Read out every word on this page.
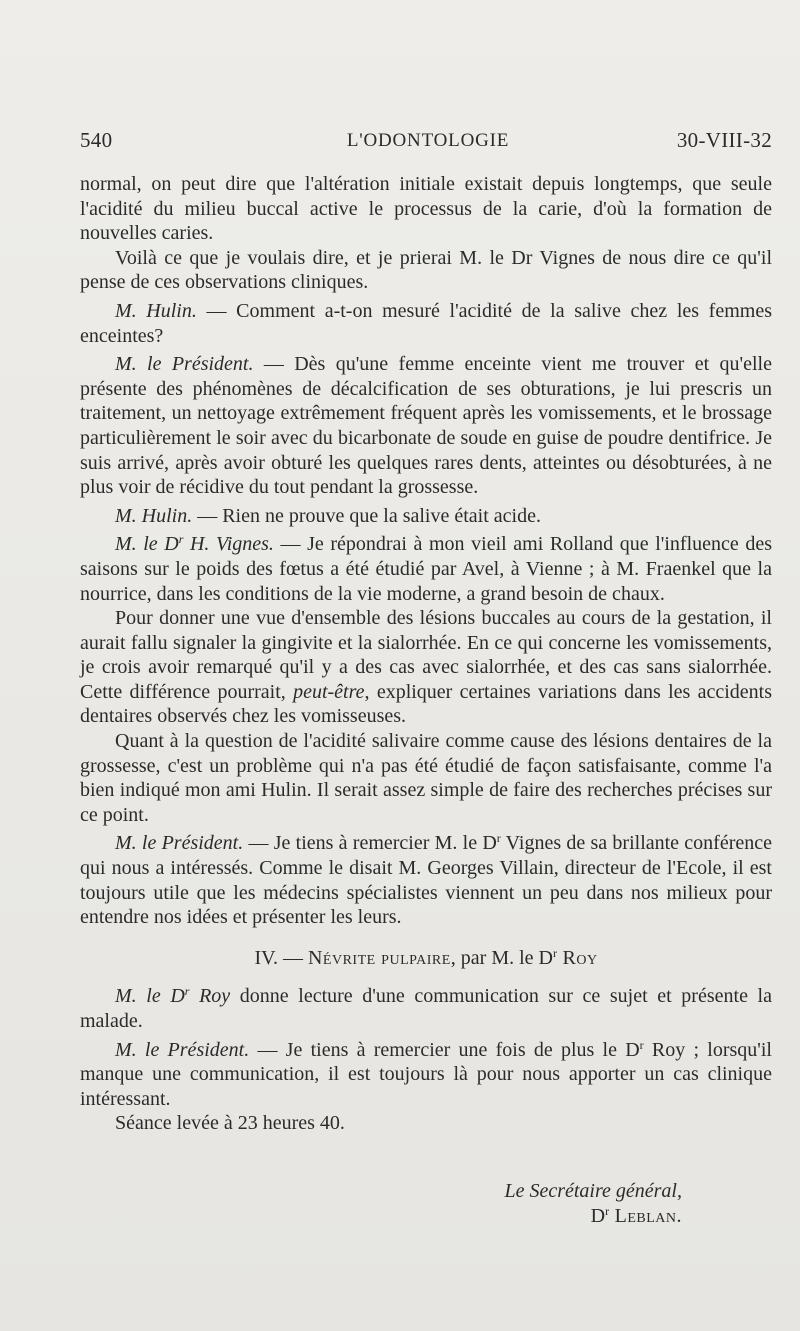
540	L'ODONTOLOGIE	30-VIII-32

normal, on peut dire que l'altération initiale existait depuis longtemps, que seule l'acidité du milieu buccal active le processus de la carie, d'où la formation de nouvelles caries.

Voilà ce que je voulais dire, et je prierai M. le Dr Vignes de nous dire ce qu'il pense de ces observations cliniques.

M. Hulin. — Comment a-t-on mesuré l'acidité de la salive chez les femmes enceintes?

M. le Président. — Dès qu'une femme enceinte vient me trouver et qu'elle présente des phénomènes de décalcification de ses obturations, je lui prescris un traitement, un nettoyage extrêmement fréquent après les vomissements, et le brossage particulièrement le soir avec du bicarbonate de soude en guise de poudre dentifrice. Je suis arrivé, après avoir obturé les quelques rares dents, atteintes ou désobturées, à ne plus voir de récidive du tout pendant la grossesse.

M. Hulin. — Rien ne prouve que la salive était acide.

M. le $D^r$ H. Vignes. — Je répondrai à mon vieil ami Rolland que l'influence des saisons sur le poids des fœtus a été étudié par Avel, à Vienne ; à M. Fraenkel que la nourrice, dans les conditions de la vie moderne, a grand besoin de chaux.

Pour donner une vue d'ensemble des lésions buccales au cours de la gestation, il aurait fallu signaler la gingivite et la sialorrhée. En ce qui concerne les vomissements, je crois avoir remarqué qu'il y a des cas avec sialorrhée, et des cas sans sialorrhée. Cette différence pourrait, peut-être, expliquer certaines variations dans les accidents dentaires observés chez les vomisseuses.

Quant à la question de l'acidité salivaire comme cause des lésions dentaires de la grossesse, c'est un problème qui n'a pas été étudié de façon satisfaisante, comme l'a bien indiqué mon ami Hulin. Il serait assez simple de faire des recherches précises sur ce point.

M. le Président. — Je tiens à remercier M. le $D^r$ Vignes de sa brillante conférence qui nous a intéressés. Comme le disait M. Georges Villain, directeur de l'Ecole, il est toujours utile que les médecins spécialistes viennent un peu dans nos milieux pour entendre nos idées et présenter les leurs.

IV. — Névrite pulpaire, par M. le $D^r$ Roy

M. le $D^r$ Roy donne lecture d'une communication sur ce sujet et présente la malade.

M. le Président. — Je tiens à remercier une fois de plus le $D^r$ Roy ; lorsqu'il manque une communication, il est toujours là pour nous apporter un cas clinique intéressant.

Séance levée à 23 heures 40.

Le Secrétaire général,
$D^r$ Leblan.
